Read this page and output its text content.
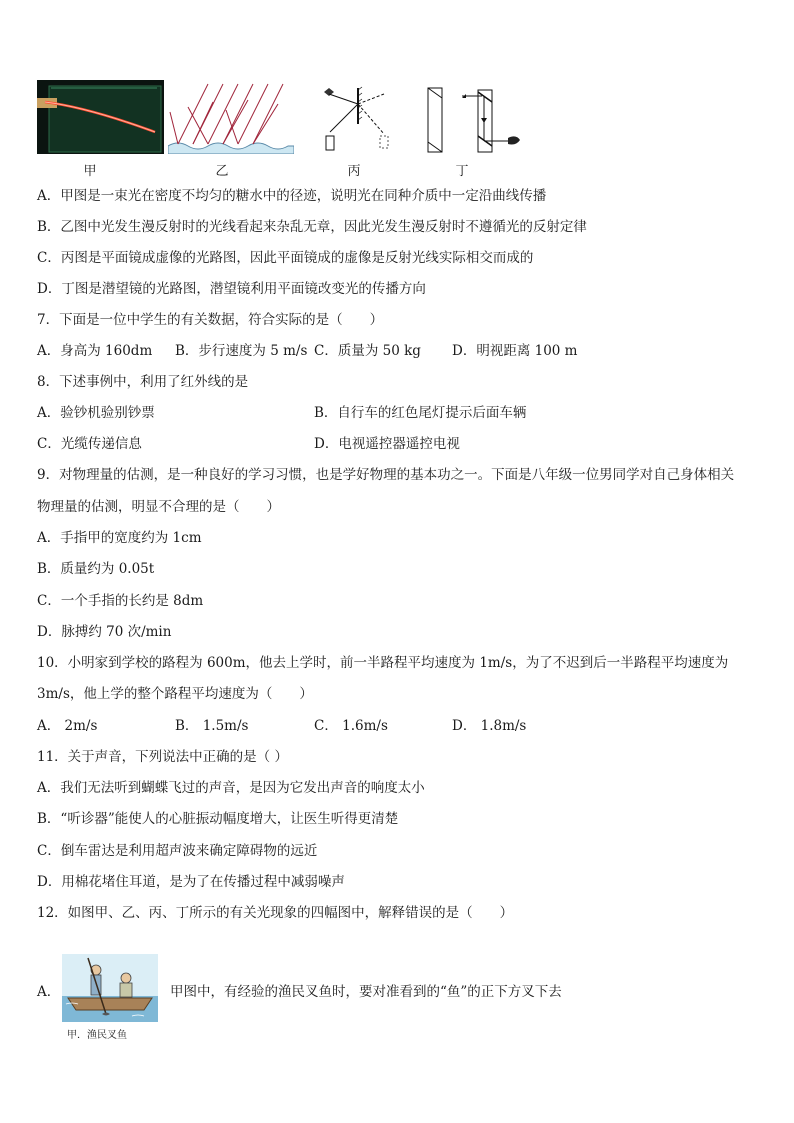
甲	乙	丙	丁
A．甲图是一束光在密度不均匀的糖水中的径迹，说明光在同种介质中一定沿曲线传播
B．乙图中光发生漫反射时的光线看起来杂乱无章，因此光发生漫反射时不遵循光的反射定律
C．丙图是平面镜成虚像的光路图，因此平面镜成的虚像是反射光线实际相交而成的
D．丁图是潜望镜的光路图，潜望镜利用平面镜改变光的传播方向
7．下面是一位中学生的有关数据，符合实际的是（　　）
A．身高为 160dm B．步行速度为 5 m/s C．质量为 50 kg D．明视距离 100 m
8．下述事例中，利用了红外线的是
A．验钞机验别钞票	B．自行车的红色尾灯提示后面车辆
C．光缆传递信息	D．电视遥控器遥控电视
9．对物理量的估测，是一种良好的学习习惯，也是学好物理的基本功之一。下面是八年级一位男同学对自己身体相关
物理量的估测，明显不合理的是（　　）
A．手指甲的宽度约为 1cm
B．质量约为 0.05t
C．一个手指的长约是 8dm
D．脉搏约 70 次/min
10．小明家到学校的路程为 600m，他去上学时，前一半路程平均速度为 1m/s，为了不迟到后一半路程平均速度为
3m/s，他上学的整个路程平均速度为（　　）
A． 2m/s	B． 1.5m/s	C． 1.6m/s	D． 1.8m/s
11．关于声音，下列说法中正确的是（ ）
A．我们无法听到蝴蝶飞过的声音，是因为它发出声音的响度太小
B．“听诊器”能使人的心脏振动幅度增大，让医生听得更清楚
C．倒车雷达是利用超声波来确定障碍物的远近
D．用棉花堵住耳道，是为了在传播过程中减弱噪声
12．如图甲、乙、丙、丁所示的有关光现象的四幅图中，解释错误的是（　　）
A．
甲．渔民叉鱼
甲图中，有经验的渔民叉鱼时，要对准看到的“鱼”的正下方叉下去
